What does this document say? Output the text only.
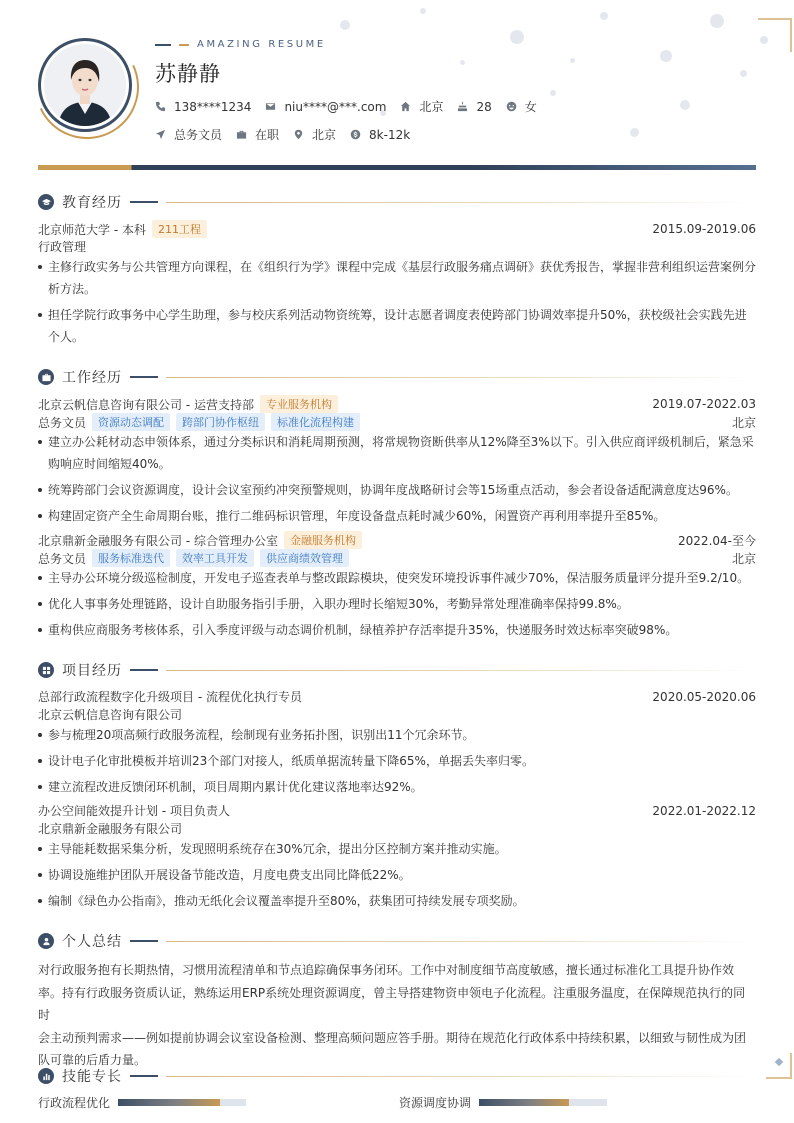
AMAZING RESUME
苏静静
138****1234	niu****@***.com	北京	28	女
总务文员	在职	北京	8k-12k
教育经历
北京师范大学 - 本科	211工程	2015.09-2019.06
行政管理
主修行政实务与公共管理方向课程，在《组织行为学》课程中完成《基层行政服务痛点调研》获优秀报告，掌握非营利组织运营案例分析方法。
担任学院行政事务中心学生助理，参与校庆系列活动物资统筹，设计志愿者调度表使跨部门协调效率提升50%，获校级社会实践先进个人。
工作经历
北京云帆信息咨询有限公司 - 运营支持部	专业服务机构	2019.07-2022.03
总务文员	资源动态调配	跨部门协作枢纽	标准化流程构建	北京
建立办公耗材动态申领体系，通过分类标识和消耗周期预测，将常规物资断供率从12%降至3%以下。引入供应商评级机制后，紧急采购响应时间缩短40%。
统筹跨部门会议资源调度，设计会议室预约冲突预警规则，协调年度战略研讨会等15场重点活动，参会者设备适配满意度达96%。
构建固定资产全生命周期台账，推行二维码标识管理，年度设备盘点耗时减少60%，闲置资产再利用率提升至85%。
北京鼎新金融服务有限公司 - 综合管理办公室	金融服务机构	2022.04-至今
总务文员	服务标准迭代	效率工具开发	供应商绩效管理	北京
主导办公环境分级巡检制度，开发电子巡查表单与整改跟踪模块，使突发环境投诉事件减少70%，保洁服务质量评分提升至9.2/10。
优化人事事务处理链路，设计自助服务指引手册，入职办理时长缩短30%，考勤异常处理准确率保持99.8%。
重构供应商服务考核体系，引入季度评级与动态调价机制，绿植养护存活率提升35%，快递服务时效达标率突破98%。
项目经历
总部行政流程数字化升级项目 - 流程优化执行专员	2020.05-2020.06
北京云帆信息咨询有限公司
参与梳理20项高频行政服务流程，绘制现有业务拓扑图，识别出11个冗余环节。
设计电子化审批模板并培训23个部门对接人，纸质单据流转量下降65%，单据丢失率归零。
建立流程改进反馈闭环机制，项目周期内累计优化建议落地率达92%。
办公空间能效提升计划 - 项目负责人	2022.01-2022.12
北京鼎新金融服务有限公司
主导能耗数据采集分析，发现照明系统存在30%冗余，提出分区控制方案并推动实施。
协调设施维护团队开展设备节能改造，月度电费支出同比降低22%。
编制《绿色办公指南》，推动无纸化会议覆盖率提升至80%，获集团可持续发展专项奖励。
个人总结
对行政服务抱有长期热情，习惯用流程清单和节点追踪确保事务闭环。工作中对制度细节高度敏感，擅长通过标准化工具提升协作效
率。持有行政服务资质认证，熟练运用ERP系统处理资源调度，曾主导搭建物资申领电子化流程。注重服务温度，在保障规范执行的同时
会主动预判需求——例如提前协调会议室设备检测、整理高频问题应答手册。期待在规范化行政体系中持续积累，以细致与韧性成为团
队可靠的后盾力量。
技能专长
行政流程优化	资源调度协调
